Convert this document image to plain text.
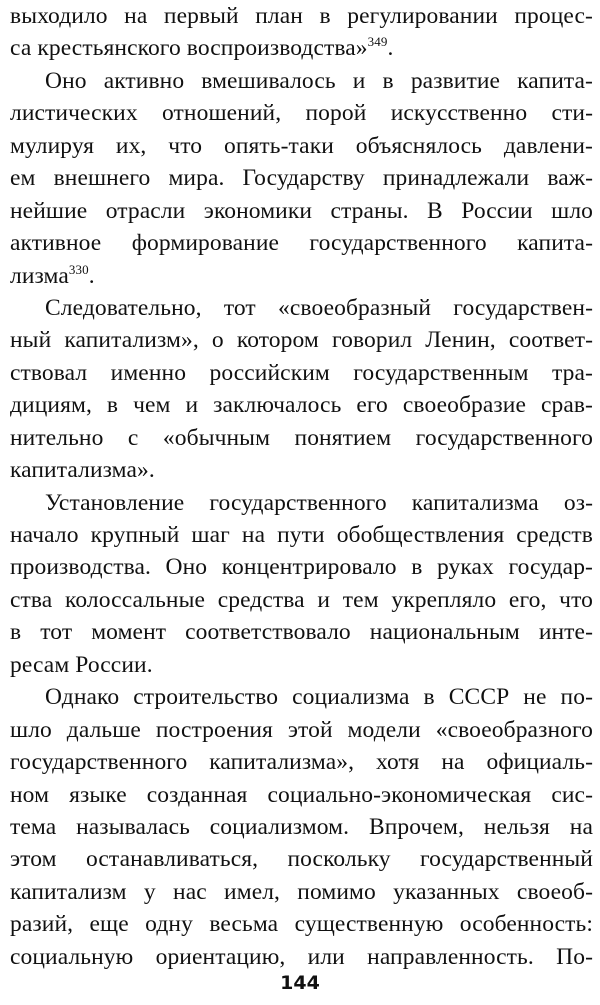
выходило на первый план в регулировании процес-
са крестьянского воспроизводства»$^{349}$.
Оно активно вмешивалось и в развитие капита-
листических отношений, порой искусственно сти-
мулируя их, что опять-таки объяснялось давлени-
ем внешнего мира. Государству принадлежали важ-
нейшие отрасли экономики страны. В России шло
активное формирование государственного капита-
лизма$^{330}$.
Следовательно, тот «своеобразный государствен-
ный капитализм», о котором говорил Ленин, соответ-
ствовал именно российским государственным тра-
дициям, в чем и заключалось его своеобразие срав-
нительно с «обычным понятием государственного
капитализма».
Установление государственного капитализма оз-
начало крупный шаг на пути обобществления средств
производства. Оно концентрировало в руках государ-
ства колоссальные средства и тем укрепляло его, что
в тот момент соответствовало национальным инте-
ресам России.
Однако строительство социализма в СССР не по-
шло дальше построения этой модели «своеобразного
государственного капитализма», хотя на официаль-
ном языке созданная социально-экономическая сис-
тема называлась социализмом. Впрочем, нельзя на
этом останавливаться, поскольку государственный
капитализм у нас имел, помимо указанных своеоб-
разий, еще одну весьма существенную особенность:
социальную ориентацию, или направленность. По-
144
